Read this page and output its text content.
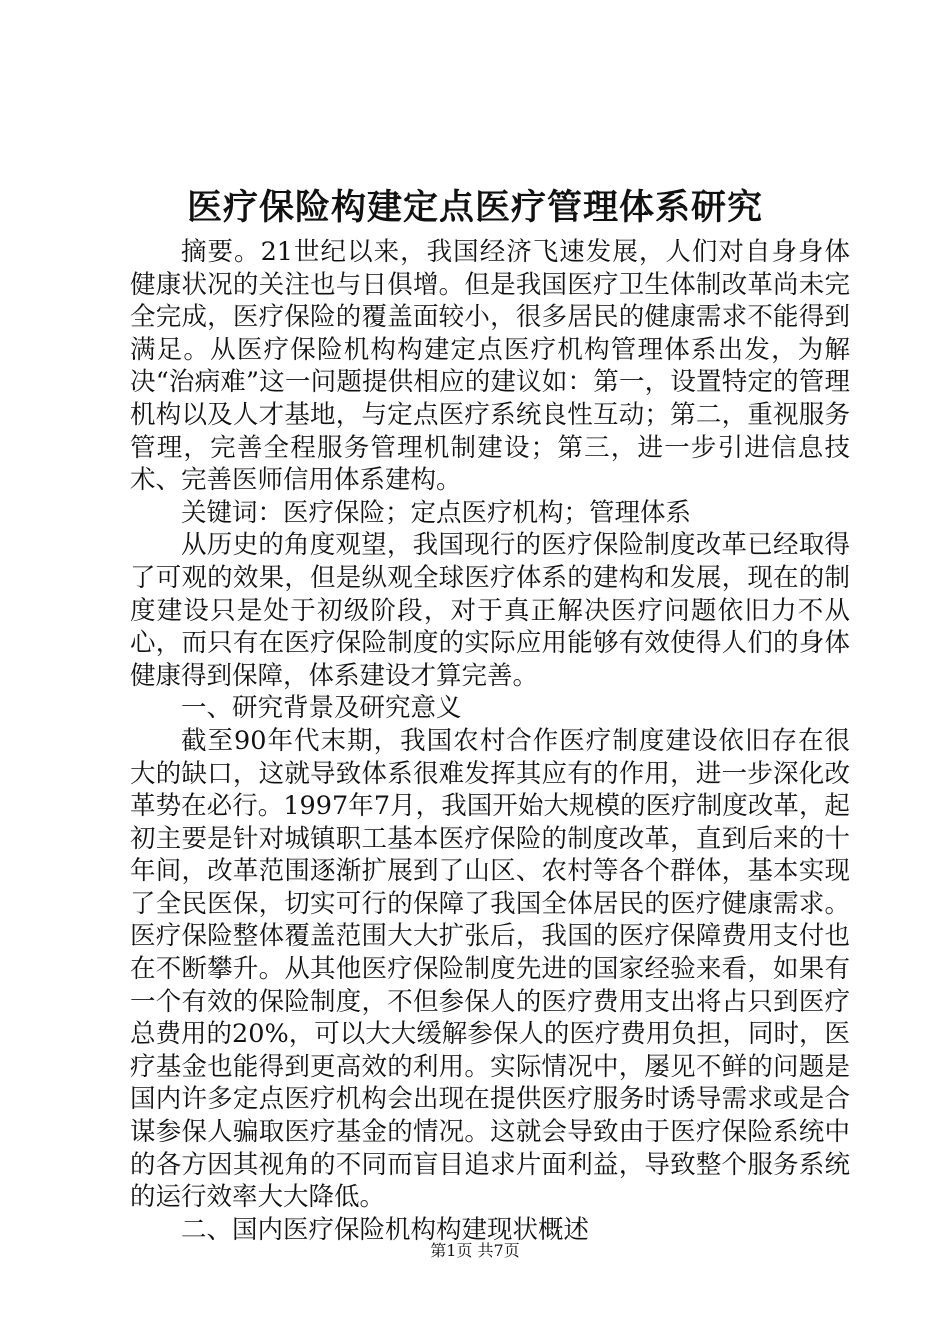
医疗保险构建定点医疗管理体系研究

摘要。21世纪以来，我国经济飞速发展，人们对自身身体健康状况的关注也与日俱增。但是我国医疗卫生体制改革尚未完全完成，医疗保险的覆盖面较小，很多居民的健康需求不能得到满足。从医疗保险机构构建定点医疗机构管理体系出发，为解决“治病难”这一问题提供相应的建议如：第一，设置特定的管理机构以及人才基地，与定点医疗系统良性互动；第二，重视服务管理，完善全程服务管理机制建设；第三，进一步引进信息技术、完善医师信用体系建构。

关键词：医疗保险；定点医疗机构；管理体系

从历史的角度观望，我国现行的医疗保险制度改革已经取得了可观的效果，但是纵观全球医疗体系的建构和发展，现在的制度建设只是处于初级阶段，对于真正解决医疗问题依旧力不从心，而只有在医疗保险制度的实际应用能够有效使得人们的身体健康得到保障，体系建设才算完善。

一、研究背景及研究意义

截至90年代末期，我国农村合作医疗制度建设依旧存在很大的缺口，这就导致体系很难发挥其应有的作用，进一步深化改革势在必行。1997年7月，我国开始大规模的医疗制度改革，起初主要是针对城镇职工基本医疗保险的制度改革，直到后来的十年间，改革范围逐渐扩展到了山区、农村等各个群体，基本实现了全民医保，切实可行的保障了我国全体居民的医疗健康需求。医疗保险整体覆盖范围大大扩张后，我国的医疗保障费用支付也在不断攀升。从其他医疗保险制度先进的国家经验来看，如果有一个有效的保险制度，不但参保人的医疗费用支出将占只到医疗总费用的20%，可以大大缓解参保人的医疗费用负担，同时，医疗基金也能得到更高效的利用。实际情况中，屡见不鲜的问题是国内许多定点医疗机构会出现在提供医疗服务时诱导需求或是合谋参保人骗取医疗基金的情况。这就会导致由于医疗保险系统中的各方因其视角的不同而盲目追求片面利益，导致整个服务系统的运行效率大大降低。

二、国内医疗保险机构构建现状概述

第1页 共7页
